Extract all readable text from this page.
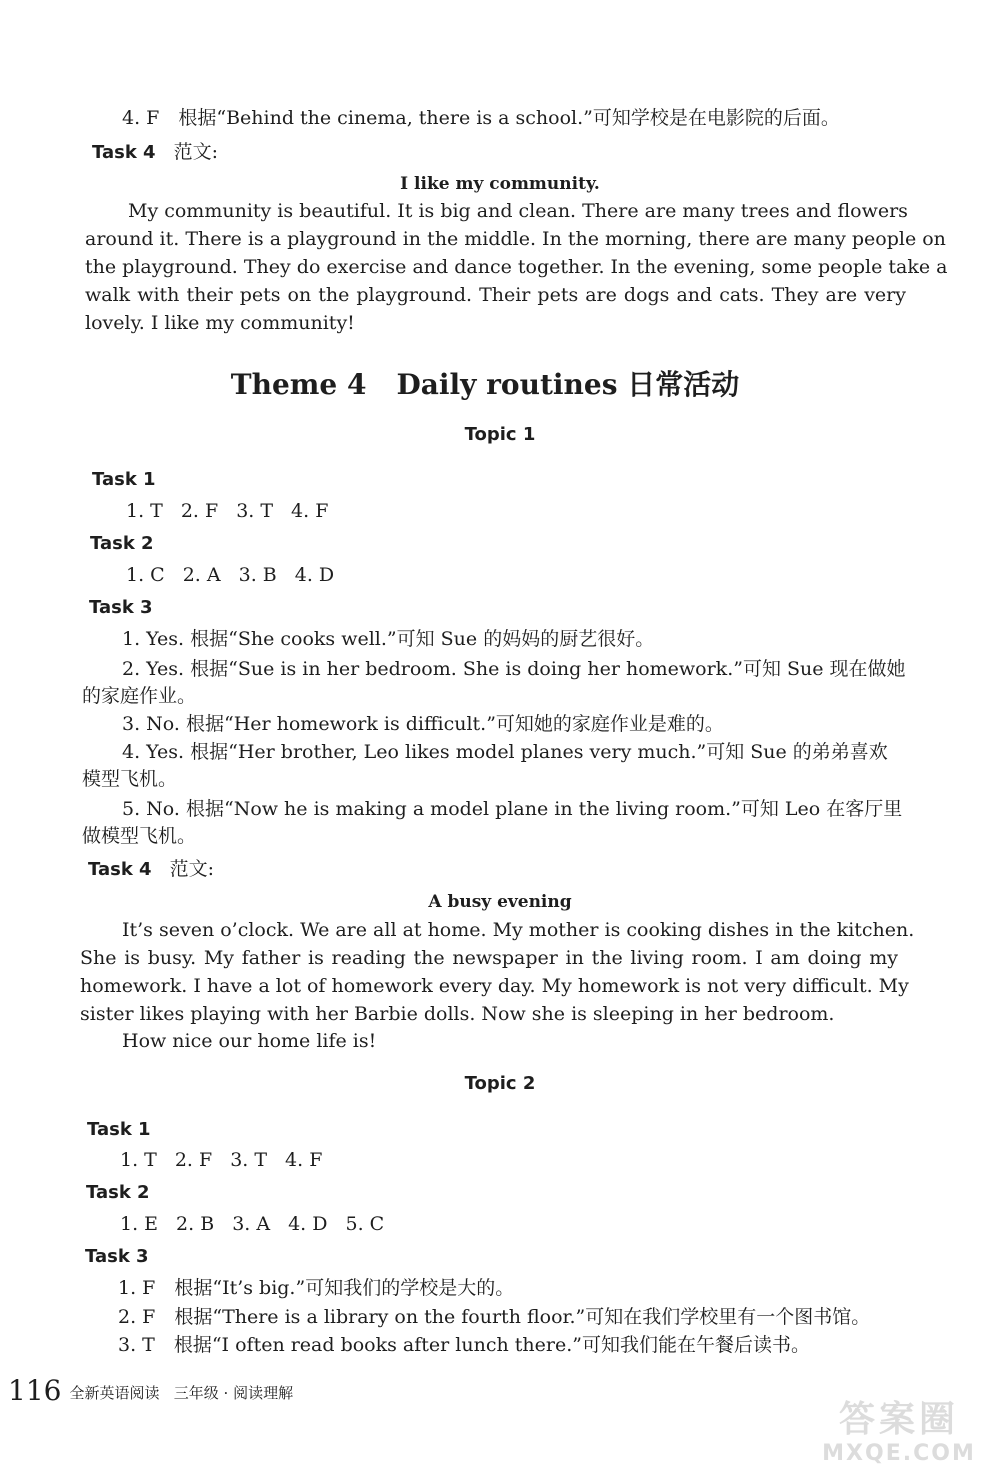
4. F　根据“Behind the cinema, there is a school.”可知学校是在电影院的后面。
Task 4 范文:
I like my community.
My community is beautiful. It is big and clean. There are many trees and flowers
around it. There is a playground in the middle. In the morning, there are many people on
the playground. They do exercise and dance together. In the evening, some people take a
walk with their pets on the playground. Their pets are dogs and cats. They are very
lovely. I like my community!
Theme 4 Daily routines 日常活动
Topic 1
Task 1
1. T 2. F 3. T 4. F
Task 2
1. C 2. A 3. B 4. D
Task 3
1. Yes. 根据“She cooks well.”可知 Sue 的妈妈的厨艺很好。
2. Yes. 根据“Sue is in her bedroom. She is doing her homework.”可知 Sue 现在做她
的家庭作业。
3. No. 根据“Her homework is difficult.”可知她的家庭作业是难的。
4. Yes. 根据“Her brother, Leo likes model planes very much.”可知 Sue 的弟弟喜欢
模型飞机。
5. No. 根据“Now he is making a model plane in the living room.”可知 Leo 在客厅里
做模型飞机。
Task 4 范文:
A busy evening
It’s seven o’clock. We are all at home. My mother is cooking dishes in the kitchen.
She is busy. My father is reading the newspaper in the living room. I am doing my
homework. I have a lot of homework every day. My homework is not very difficult. My
sister likes playing with her Barbie dolls. Now she is sleeping in her bedroom.
How nice our home life is!
Topic 2
Task 1
1. T 2. F 3. T 4. F
Task 2
1. E 2. B 3. A 4. D 5. C
Task 3
1. F　根据“It’s big.”可知我们的学校是大的。
2. F　根据“There is a library on the fourth floor.”可知在我们学校里有一个图书馆。
3. T　根据“I often read books after lunch there.”可知我们能在午餐后读书。
116 全新英语阅读 三年级 · 阅读理解
答案圈
MXQE.COM
